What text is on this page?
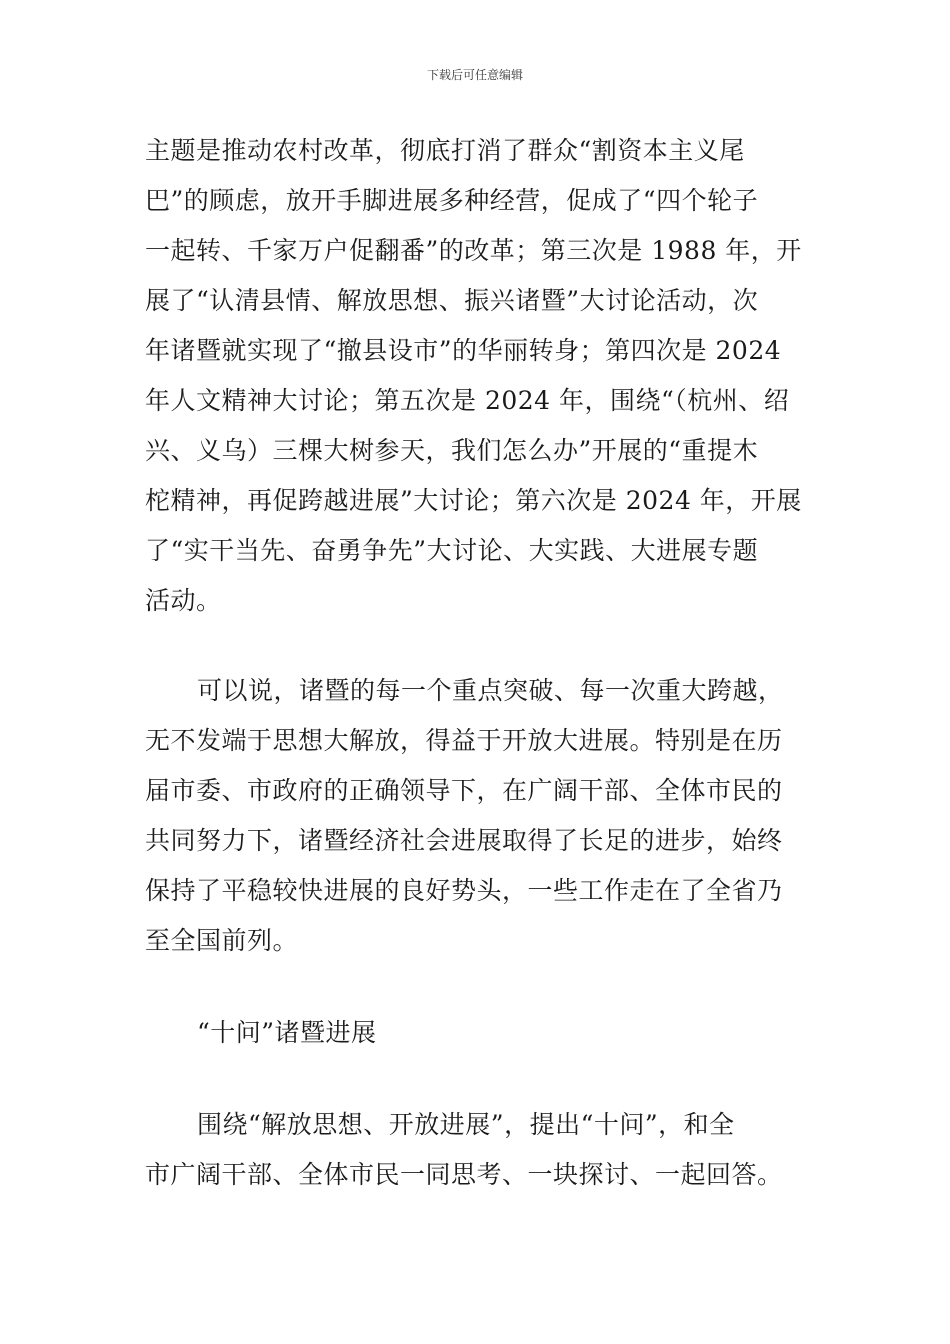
下载后可任意编辑
主题是推动农村改革，彻底打消了群众“割资本主义尾
巴”的顾虑，放开手脚进展多种经营，促成了“四个轮子
一起转、千家万户促翻番”的改革；第三次是 1988 年，开
展了“认清县情、解放思想、振兴诸暨”大讨论活动，次
年诸暨就实现了“撤县设市”的华丽转身；第四次是 2024
年人文精神大讨论；第五次是 2024 年，围绕“（杭州、绍
兴、义乌）三棵大树参天，我们怎么办”开展的“重提木
柁精神，再促跨越进展”大讨论；第六次是 2024 年，开展
了“实干当先、奋勇争先”大讨论、大实践、大进展专题
活动。
可以说，诸暨的每一个重点突破、每一次重大跨越，
无不发端于思想大解放，得益于开放大进展。特别是在历
届市委、市政府的正确领导下，在广阔干部、全体市民的
共同努力下，诸暨经济社会进展取得了长足的进步，始终
保持了平稳较快进展的良好势头，一些工作走在了全省乃
至全国前列。
“十问”诸暨进展
围绕“解放思想、开放进展”，提出“十问”，和全
市广阔干部、全体市民一同思考、一块探讨、一起回答。
